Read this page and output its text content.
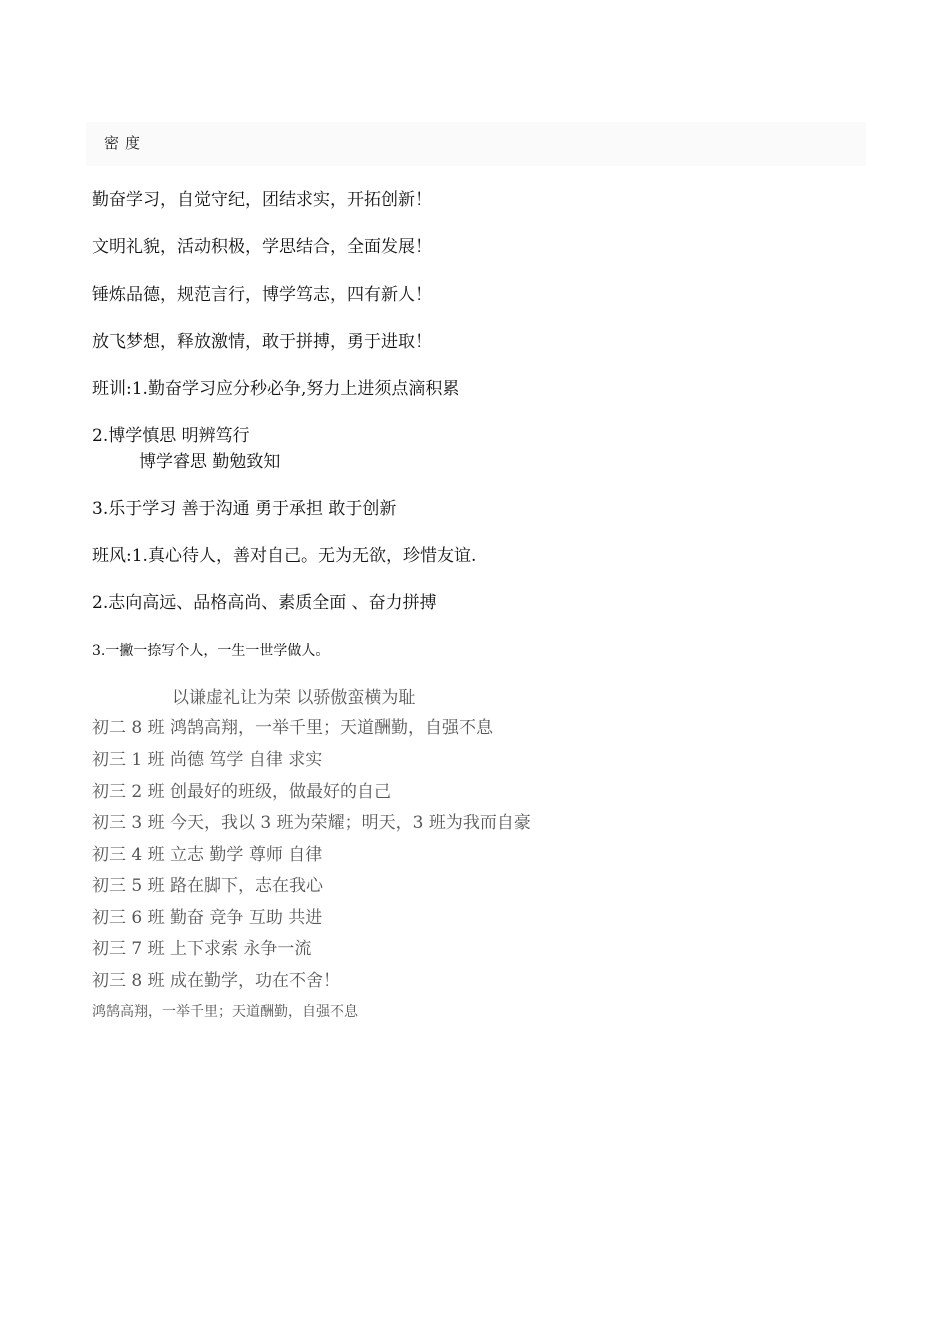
密度
勤奋学习，自觉守纪，团结求实，开拓创新！
文明礼貌，活动积极，学思结合，全面发展！
锤炼品德，规范言行，博学笃志，四有新人！
放飞梦想，释放激情，敢于拼搏，勇于进取！
班训:1.勤奋学习应分秒必争,努力上进须点滴积累
2.博学慎思 明辨笃行
博学睿思 勤勉致知
3.乐于学习 善于沟通 勇于承担 敢于创新
班风:1.真心待人，善对自己。无为无欲，珍惜友谊.
2.志向高远、品格高尚、素质全面 、奋力拼搏
3.一撇一捺写个人，一生一世学做人。
以谦虚礼让为荣 以骄傲蛮横为耻
初二 8 班 鸿鹄高翔，一举千里；天道酬勤，自强不息
初三 1 班 尚德 笃学 自律 求实
初三 2 班 创最好的班级，做最好的自己
初三 3 班 今天，我以 3 班为荣耀；明天，3 班为我而自豪
初三 4 班 立志 勤学 尊师 自律
初三 5 班 路在脚下，志在我心
初三 6 班 勤奋 竞争 互助 共进
初三 7 班 上下求索 永争一流
初三 8 班 成在勤学，功在不舍！
鸿鹄高翔，一举千里；天道酬勤，自强不息
